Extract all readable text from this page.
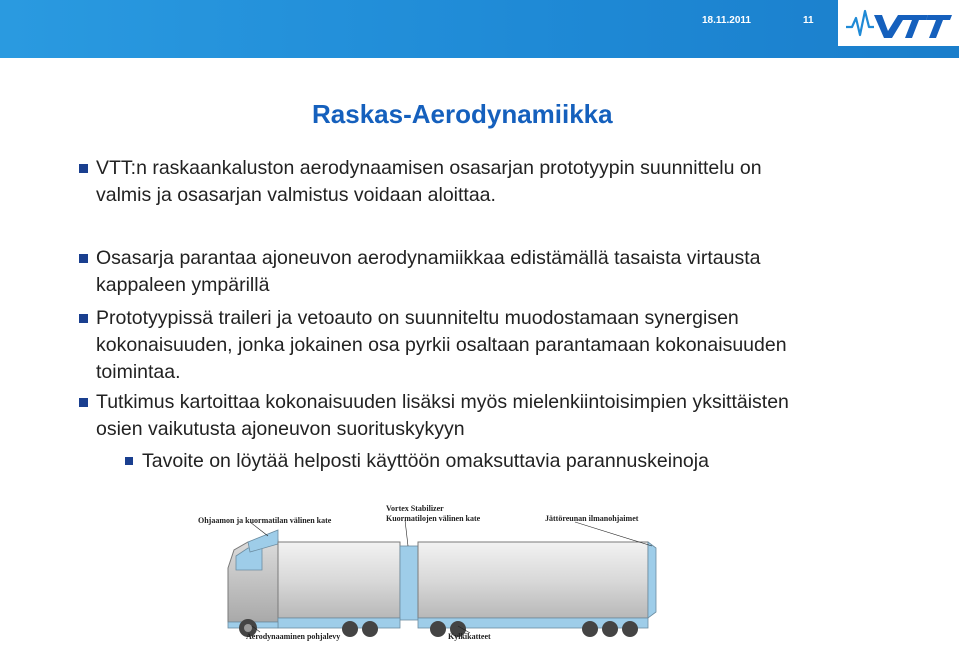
18.11.2011	11
Raskas-Aerodynamiikka
VTT:n raskaankaluston aerodynaamisen osasarjan prototyypin suunnittelu on
valmis ja osasarjan valmistus voidaan aloittaa.
Osasarja parantaa ajoneuvon aerodynamiikkaa edistämällä tasaista virtausta
kappaleen ympärillä
Prototyypissä traileri ja vetoauto on suunniteltu muodostamaan synergisen
kokonaisuuden, jonka jokainen osa pyrkii osaltaan parantamaan kokonaisuuden
toimintaa.
Tutkimus kartoittaa kokonaisuuden lisäksi myös mielenkiintoisimpien yksittäisten
osien vaikutusta ajoneuvon suorituskykyyn
Tavoite on löytää helposti käyttöön omaksuttavia parannuskeinoja
Ohjaamon ja kuormatilan välinen kate
Vortex Stabilizer
Kuormatilojen välinen kate	Jättöreunan ilmanohjaimet
Aerodynaaminen pohjalevy	Kylkikatteet
